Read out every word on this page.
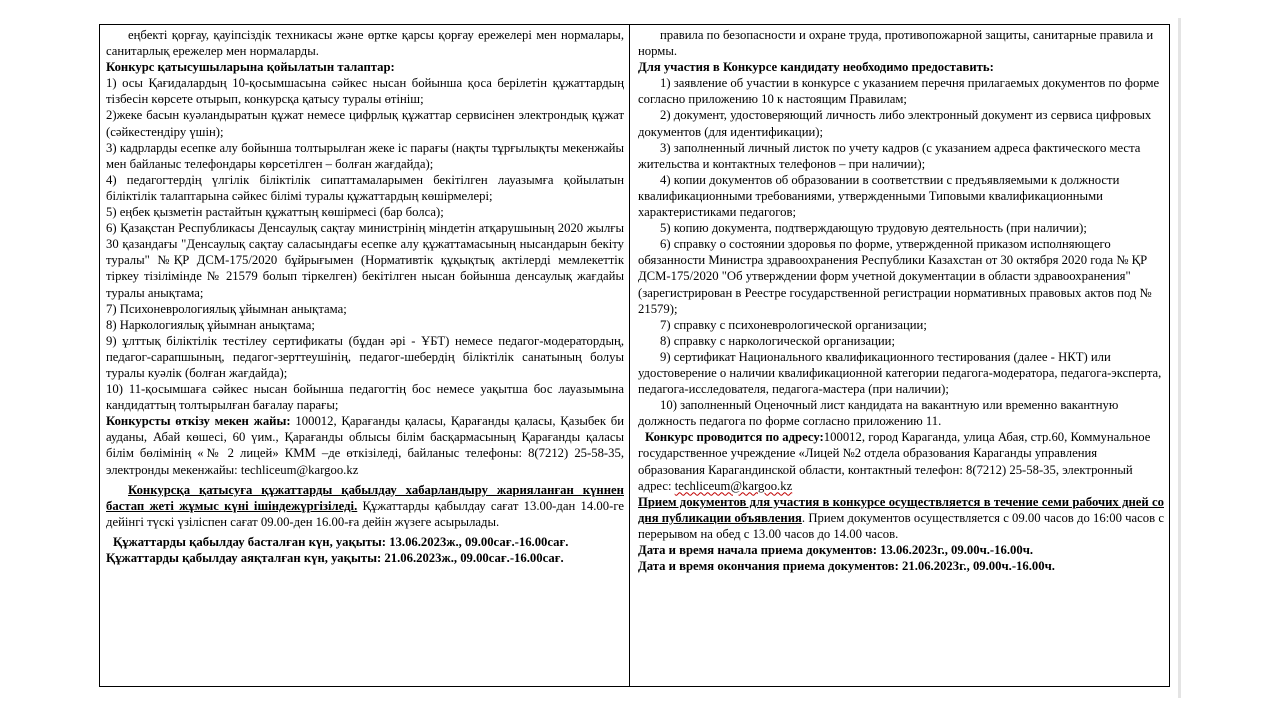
еңбекті қорғау, қауіпсіздік техникасы және өртке қарсы қорғау ережелері мен нормалары, санитарлық ережелер мен нормаларды.

Конкурс қатысушыларына қойылатын талаптар:

1) осы Қағидалардың 10-қосымшасына сәйкес нысан бойынша қоса берілетін құжаттардың тізбесін көрсете отырып, конкурсқа қатысу туралы өтініш;

2)жеке басын куәландыратын құжат немесе цифрлық құжаттар сервисінен электрондық құжат (сәйкестендіру үшін);

3) кадрларды есепке алу бойынша толтырылған жеке іс парағы (нақты тұрғылықты мекенжайы мен байланыс телефондары көрсетілген – болған жағдайда);

4) педагогтердің үлгілік біліктілік сипаттамаларымен бекітілген лауазымға қойылатын біліктілік талаптарына сәйкес білімі туралы құжаттардың көшірмелері;

5) еңбек қызметін растайтын құжаттың көшірмесі (бар болса);

6) Қазақстан Республикасы Денсаулық сақтау министрінің міндетін атқарушының 2020 жылғы 30 қазандағы "Денсаулық сақтау саласындағы есепке алу құжаттамасының нысандарын бекіту туралы" №ҚР ДСМ-175/2020 бұйрығымен (Нормативтік құқықтық актілерді мемлекеттік тіркеу тізілімінде № 21579 болып тіркелген) бекітілген нысан бойынша денсаулық жағдайы туралы анықтама;

7) Психоневрологиялық ұйымнан анықтама;

8) Наркологиялық ұйымнан анықтама;

9) ұлттық біліктілік тестілеу сертификаты (бұдан әрі - ҰБТ) немесе педагог-модератордың, педагог-сарапшының, педагог-зерттеушінің, педагог-шебердің біліктілік санатының болуы туралы куәлік (болған жағдайда);

10) 11-қосымшаға сәйкес нысан бойынша педагогтің бос немесе уақытша бос лауазымына кандидаттың толтырылған бағалау парағы;

Конкурсты өткізу мекен жайы: 100012, Қарағанды қаласы, Қарағанды қаласы, Қазыбек би ауданы, Абай көшесі, 60 үим., Қарағанды облысы білім басқармасының Қарағанды қаласы білім бөлімінің «№ 2 лицей» КММ –де өткізіледі, байланыс телефоны: 8(7212) 25-58-35, электронды мекенжайы: techliceum@kargoo.kz

Конкурсқа қатысуға құжаттарды қабылдау хабарландыру жарияланған күннен бастап жеті жұмыс күні ішіндежүргізіледі. Құжаттарды қабылдау сағат 13.00-дан 14.00-ге дейінгі түскі үзіліспен сағат 09.00-ден 16.00-ға дейін жүзеге асырылады.

Құжаттарды қабылдау басталған күн, уақыты: 13.06.2023ж., 09.00сағ.-16.00сағ.

Құжаттарды қабылдау аяқталған күн, уақыты: 21.06.2023ж., 09.00сағ.-16.00сағ.

правила по безопасности и охране труда, противопожарной защиты, санитарные правила и нормы.

Для участия в Конкурсе кандидату необходимо предоставить:

1) заявление об участии в конкурсе с указанием перечня прилагаемых документов по форме согласно приложению 10 к настоящим Правилам;

2) документ, удостоверяющий личность либо электронный документ из сервиса цифровых документов (для идентификации);

3) заполненный личный листок по учету кадров (с указанием адреса фактического места жительства и контактных телефонов – при наличии);

4) копии документов об образовании в соответствии с предъявляемыми к должности квалификационными требованиями, утвержденными Типовыми квалификационными характеристиками педагогов;

5) копию документа, подтверждающую трудовую деятельность (при наличии);

6) справку о состоянии здоровья по форме, утвержденной приказом исполняющего обязанности Министра здравоохранения Республики Казахстан от 30 октября 2020 года № ҚР ДСМ-175/2020 "Об утверждении форм учетной документации в области здравоохранения" (зарегистрирован в Реестре государственной регистрации нормативных правовых актов под № 21579);

7) справку с психоневрологической организации;

8) справку с наркологической организации;

9) сертификат Национального квалификационного тестирования (далее - НКТ) или удостоверение о наличии квалификационной категории педагога-модератора, педагога-эксперта, педагога-исследователя, педагога-мастера (при наличии);

10) заполненный Оценочный лист кандидата на вакантную или временно вакантную должность педагога по форме согласно приложению 11.

Конкурс проводится по адресу:100012, город Караганда, улица Абая, стр.60, Коммунальное государственное учреждение «Лицей №2 отдела образования Караганды управления образования Карагандинской области, контактный телефон: 8(7212) 25-58-35, электронный адрес: techliceum@kargoo.kz

Прием документов для участия в конкурсе осуществляется в течение семи рабочих дней со дня публикации объявления. Прием документов осуществляется с 09.00 часов до 16:00 часов с перерывом на обед с 13.00 часов до 14.00 часов.

Дата и время начала приема документов: 13.06.2023г., 09.00ч.-16.00ч.

Дата и время окончания приема документов: 21.06.2023г., 09.00ч.-16.00ч.
